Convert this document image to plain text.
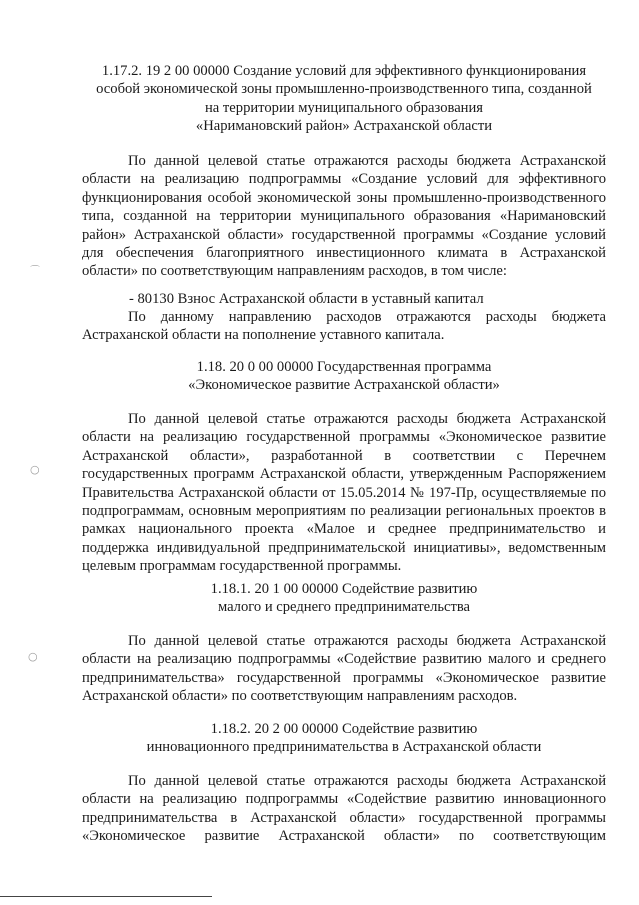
1.17.2. 19 2 00 00000 Создание условий для эффективного функционирования
особой экономической зоны промышленно-производственного типа, созданной
на территории муниципального образования
«Наримановский район» Астраханской области

По данной целевой статье отражаются расходы бюджета Астраханской области на реализацию подпрограммы «Создание условий для эффективного функционирования особой экономической зоны промышленно-производственного типа, созданной на территории муниципального образования «Наримановский район» Астраханской области» государственной программы «Создание условий для обеспечения благоприятного инвестиционного климата в Астраханской области» по соответствующим направлениям расходов, в том числе:

- 80130 Взнос Астраханской области в уставный капитал

По данному направлению расходов отражаются расходы бюджета Астраханской области на пополнение уставного капитала.

1.18. 20 0 00 00000 Государственная программа
«Экономическое развитие Астраханской области»

По данной целевой статье отражаются расходы бюджета Астраханской области на реализацию государственной программы «Экономическое развитие Астраханской области», разработанной в соответствии с Перечнем государственных программ Астраханской области, утвержденным Распоряжением Правительства Астраханской области от 15.05.2014 № 197-Пр, осуществляемые по подпрограммам, основным мероприятиям по реализации региональных проектов в рамках национального проекта «Малое и среднее предпринимательство и поддержка индивидуальной предпринимательской инициативы», ведомственным целевым программам государственной программы.

1.18.1. 20 1 00 00000 Содействие развитию
малого и среднего предпринимательства

По данной целевой статье отражаются расходы бюджета Астраханской области на реализацию подпрограммы «Содействие развитию малого и среднего предпринимательства» государственной программы «Экономическое развитие Астраханской области» по соответствующим направлениям расходов.

1.18.2. 20 2 00 00000 Содействие развитию
инновационного предпринимательства в Астраханской области

По данной целевой статье отражаются расходы бюджета Астраханской области на реализацию подпрограммы «Содействие развитию инновационного предпринимательства в Астраханской области» государственной программы «Экономическое развитие Астраханской области» по соответствующим

⌒
○
○
